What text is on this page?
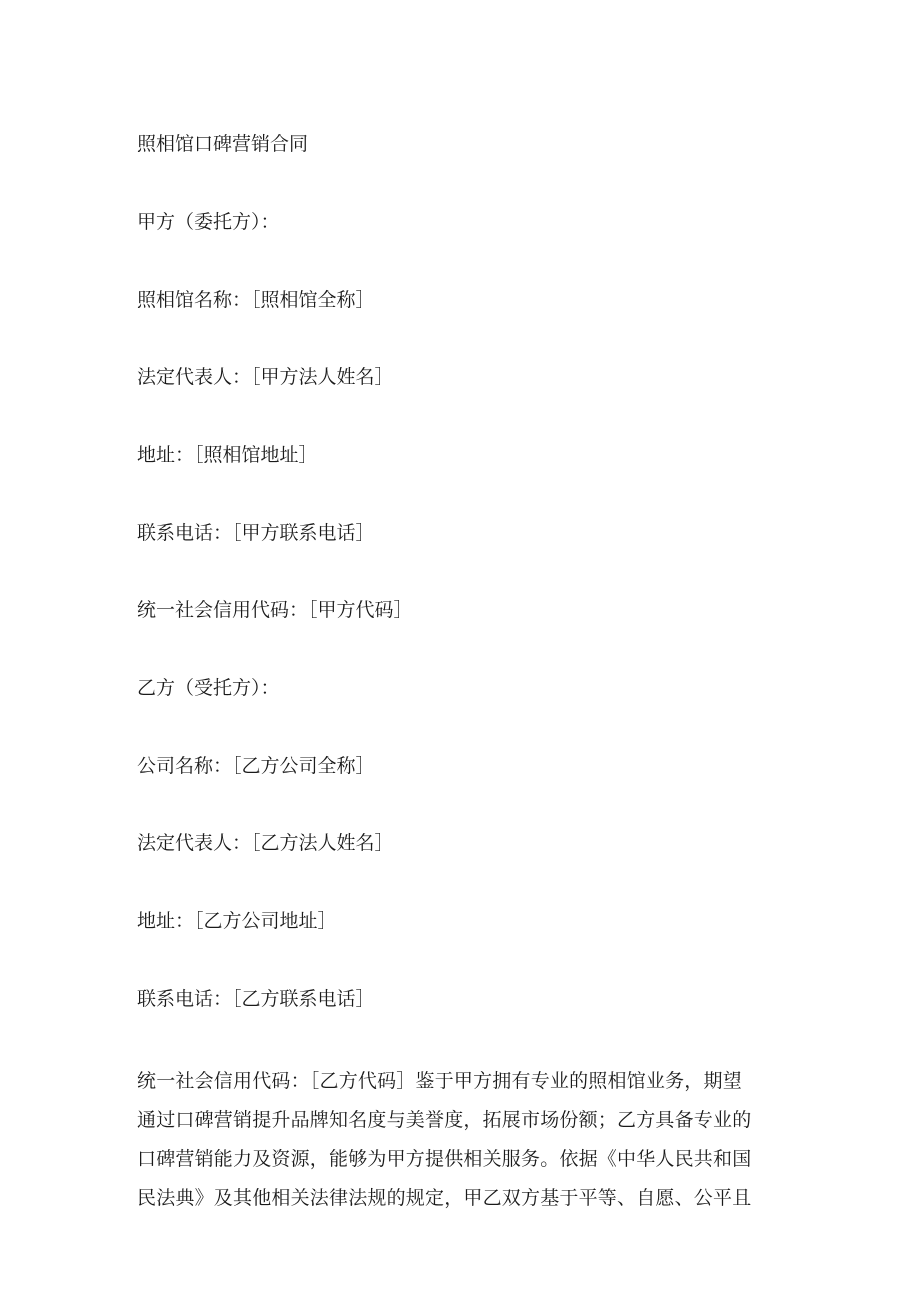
照相馆口碑营销合同
甲方（委托方）：
照相馆名称：［照相馆全称］
法定代表人：［甲方法人姓名］
地址：［照相馆地址］
联系电话：［甲方联系电话］
统一社会信用代码：［甲方代码］
乙方（受托方）：
公司名称：［乙方公司全称］
法定代表人：［乙方法人姓名］
地址：［乙方公司地址］
联系电话：［乙方联系电话］
统一社会信用代码：［乙方代码］鉴于甲方拥有专业的照相馆业务，期望
通过口碑营销提升品牌知名度与美誉度，拓展市场份额；乙方具备专业的
口碑营销能力及资源，能够为甲方提供相关服务。依据《中华人民共和国
民法典》及其他相关法律法规的规定，甲乙双方基于平等、自愿、公平且
